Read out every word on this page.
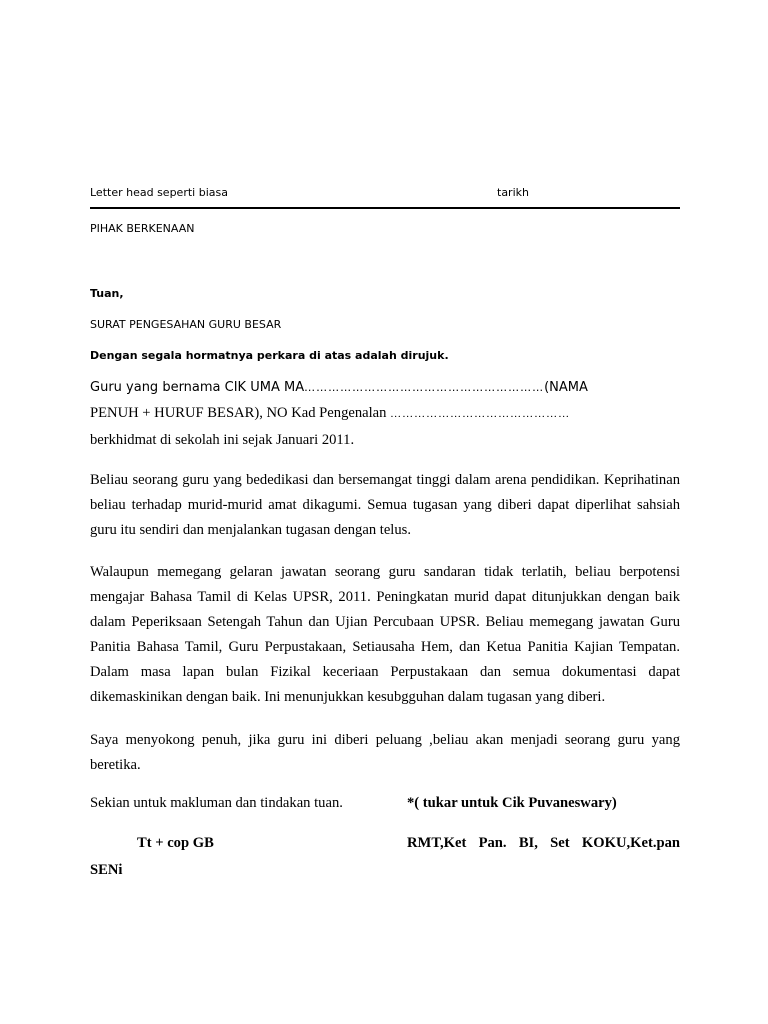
Letter head seperti biasa	tarikh
PIHAK BERKENAAN
Tuan,
SURAT PENGESAHAN GURU BESAR
Dengan segala hormatnya perkara di atas adalah dirujuk.
Guru yang bernama CIK UMA MA……………………………………………………(NAMA
PENUH + HURUF BESAR), NO Kad Pengenalan ………………………………………
berkhidmat di sekolah ini sejak Januari 2011.
Beliau seorang guru yang bededikasi dan bersemangat tinggi dalam arena pendidikan. Keprihatinan beliau terhadap murid-murid amat dikagumi. Semua tugasan yang diberi dapat diperlihat sahsiah guru itu sendiri dan menjalankan tugasan dengan telus.
Walaupun memegang gelaran jawatan seorang guru sandaran tidak terlatih, beliau berpotensi mengajar Bahasa Tamil di Kelas UPSR, 2011. Peningkatan murid dapat ditunjukkan dengan baik dalam Peperiksaan Setengah Tahun dan Ujian Percubaan UPSR. Beliau memegang jawatan Guru Panitia Bahasa Tamil, Guru Perpustakaan, Setiausaha Hem, dan Ketua Panitia Kajian Tempatan. Dalam masa lapan bulan Fizikal keceriaan Perpustakaan dan semua dokumentasi dapat dikemaskinikan dengan baik. Ini menunjukkan kesubgguhan dalam tugasan yang diberi.
Saya menyokong penuh, jika guru ini diberi peluang ,beliau akan menjadi seorang guru yang beretika.
Sekian untuk makluman dan tindakan tuan.	*( tukar untuk Cik Puvaneswary)
Tt + cop GB	RMT,Ket Pan. BI, Set KOKU,Ket.pan
SENi
